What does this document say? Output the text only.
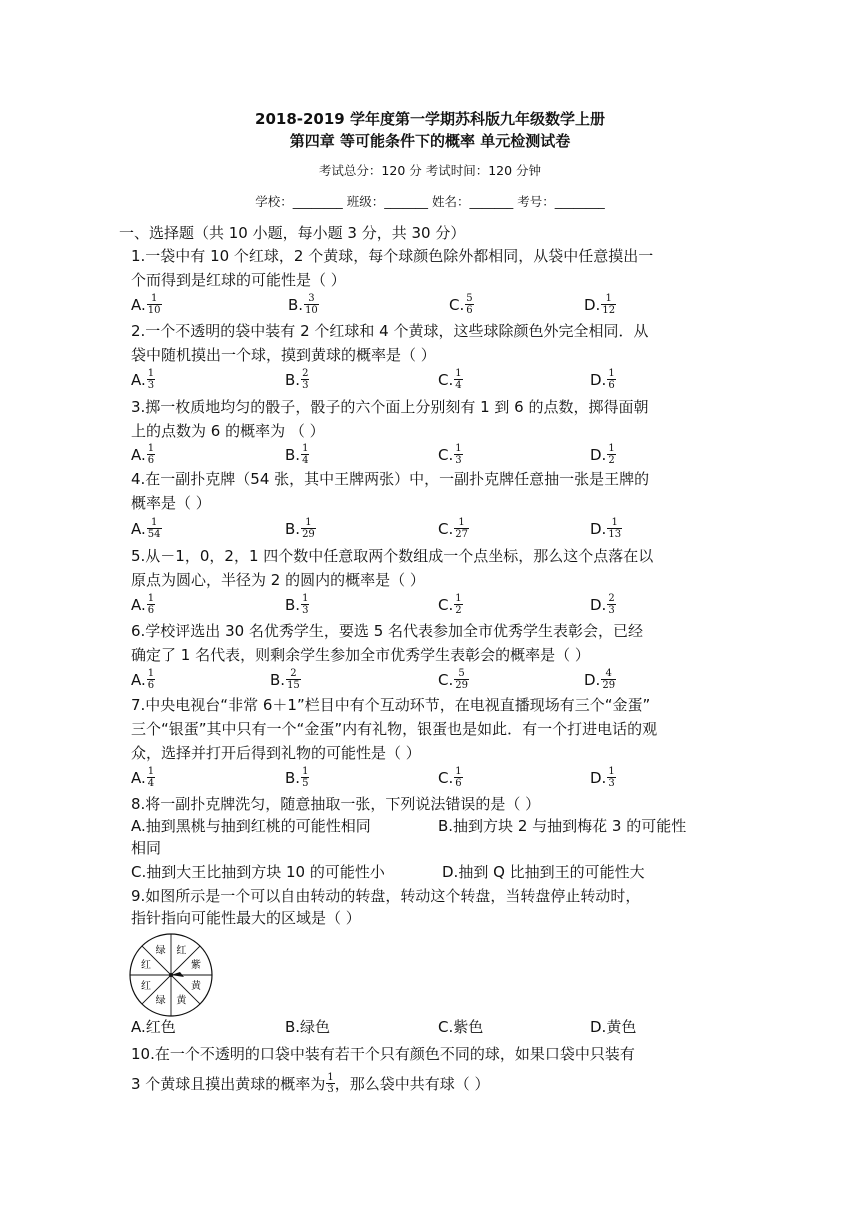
2018-2019 学年度第一学期苏科版九年级数学上册
第四章 等可能条件下的概率 单元检测试卷
考试总分：120 分 考试时间：120 分钟
学校：________ 班级：_______ 姓名：_______ 考号：________
一、选择题（共 10 小题，每小题 3 分，共 30 分）
1.一袋中有 10 个红球，2 个黄球，每个球颜色除外都相同，从袋中任意摸出一
个而得到是红球的可能性是（ ）
A. $\frac{1}{10}$	B. $\frac{3}{10}$	C. $\frac{5}{6}$	D. $\frac{1}{12}$
2.一个不透明的袋中装有 2 个红球和 4 个黄球，这些球除颜色外完全相同．从
袋中随机摸出一个球，摸到黄球的概率是（ ）
A. $\frac{1}{3}$	B. $\frac{2}{3}$	C. $\frac{1}{4}$	D. $\frac{1}{6}$
3.掷一枚质地均匀的骰子，骰子的六个面上分别刻有 1 到 6 的点数，掷得面朝
上的点数为 6 的概率为 （ ）
A. $\frac{1}{6}$	B. $\frac{1}{4}$	C. $\frac{1}{3}$	D. $\frac{1}{2}$
4.在一副扑克牌（54 张，其中王牌两张）中，一副扑克牌任意抽一张是王牌的
概率是（ ）
A. $\frac{1}{54}$	B. $\frac{1}{29}$	C. $\frac{1}{27}$	D. $\frac{1}{13}$
5.从－1，0，2，1 四个数中任意取两个数组成一个点坐标，那么这个点落在以
原点为圆心，半径为 2 的圆内的概率是（ ）
A. $\frac{1}{6}$	B. $\frac{1}{3}$	C. $\frac{1}{2}$	D. $\frac{2}{3}$
6.学校评选出 30 名优秀学生，要选 5 名代表参加全市优秀学生表彰会，已经
确定了 1 名代表，则剩余学生参加全市优秀学生表彰会的概率是（ ）
A. $\frac{1}{6}$	B. $\frac{2}{15}$	C. $\frac{5}{29}$	D. $\frac{4}{29}$
7.中央电视台“非常 6＋1”栏目中有个互动环节，在电视直播现场有三个“金蛋”
三个“银蛋”其中只有一个“金蛋”内有礼物，银蛋也是如此．有一个打进电话的观
众，选择并打开后得到礼物的可能性是（ ）
A. $\frac{1}{4}$	B. $\frac{1}{5}$	C. $\frac{1}{6}$	D. $\frac{1}{3}$
8.将一副扑克牌洗匀，随意抽取一张，下列说法错误的是（ ）
A.抽到黑桃与抽到红桃的可能性相同	B.抽到方块 2 与抽到梅花 3 的可能性
相同
C.抽到大王比抽到方块 10 的可能性小	D.抽到 Q 比抽到王的可能性大
9.如图所示是一个可以自由转动的转盘，转动这个转盘，当转盘停止转动时，
指针指向可能性最大的区域是（ ）
绿 红
紫
黄
黄
绿
红
红
A.红色	B.绿色	C.紫色	D.黄色
10.在一个不透明的口袋中装有若干个只有颜色不同的球，如果口袋中只装有
3 个黄球且摸出黄球的概率为 $\frac{1}{3}$ ，那么袋中共有球（ ）
